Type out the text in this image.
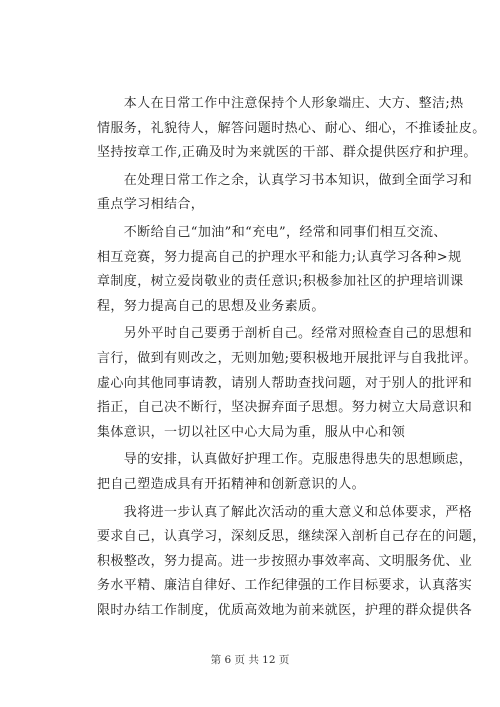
　　本人在日常工作中注意保持个人形象端庄、大方、整洁;热
情服务，礼貌待人，解答问题时热心、耐心、细心，不推诿扯皮。
坚持按章工作,正确及时为来就医的干部、群众提供医疗和护理。

　　在处理日常工作之余，认真学习书本知识，做到全面学习和
重点学习相结合，

　　不断给自己“加油”和“充电”，经常和同事们相互交流、
相互竞赛，努力提高自己的护理水平和能力;认真学习各种>规
章制度，树立爱岗敬业的责任意识;积极参加社区的护理培训课
程，努力提高自己的思想及业务素质。

　　另外平时自己要勇于剖析自己。经常对照检查自己的思想和
言行，做到有则改之，无则加勉;要积极地开展批评与自我批评。
虚心向其他同事请教，请别人帮助查找问题，对于别人的批评和
指正，自己决不断行，坚决摒弃面子思想。努力树立大局意识和
集体意识，一切以社区中心大局为重，服从中心和领

　　导的安排，认真做好护理工作。克服患得患失的思想顾虑，
把自己塑造成具有开拓精神和创新意识的人。

　　我将进一步认真了解此次活动的重大意义和总体要求，严格
要求自己，认真学习，深刻反思，继续深入剖析自己存在的问题，
积极整改，努力提高。进一步按照办事效率高、文明服务优、业
务水平精、廉洁自律好、工作纪律强的工作目标要求，认真落实
限时办结工作制度，优质高效地为前来就医，护理的群众提供各

第 6 页 共 12 页
